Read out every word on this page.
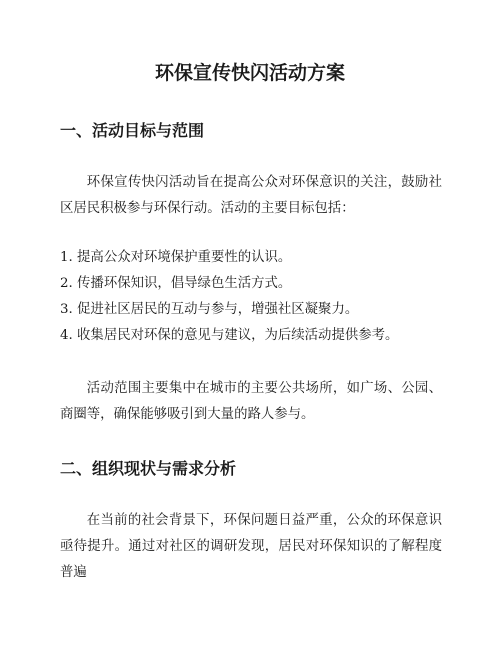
环保宣传快闪活动方案
一、活动目标与范围

环保宣传快闪活动旨在提高公众对环保意识的关注，鼓励社区居民积极参与环保行动。活动的主要目标包括：

1. 提高公众对环境保护重要性的认识。

2. 传播环保知识，倡导绿色生活方式。

3. 促进社区居民的互动与参与，增强社区凝聚力。

4. 收集居民对环保的意见与建议，为后续活动提供参考。

活动范围主要集中在城市的主要公共场所，如广场、公园、商圈等，确保能够吸引到大量的路人参与。

二、组织现状与需求分析

在当前的社会背景下，环保问题日益严重，公众的环保意识亟待提升。通过对社区的调研发现，居民对环保知识的了解程度普遍
